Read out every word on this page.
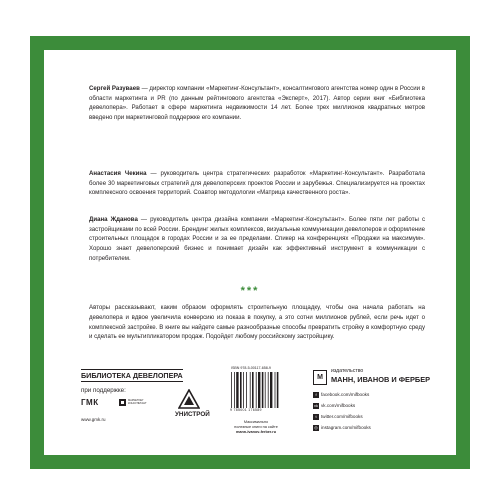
Сергей Разуваев — директор компании «Маркетинг-Консультант», консалтингового агентства номер один в России в области маркетинга и PR (по данным рейтингового агентства «Эксперт», 2017). Автор серии книг «Библиотека девелопера». Работает в сфере маркетинга недвижимости 14 лет. Более трех миллионов квадратных метров введено при маркетинговой поддержке его компании.

Анастасия Чекина — руководитель центра стратегических разработок «Маркетинг-Консультант». Разработала более 30 маркетинговых стратегий для девелоперских проектов России и зарубежья. Специализируется на проектах комплексного освоения территорий. Соавтор методологии «Матрица качественного роста».

Диана Жданова — руководитель центра дизайна компании «Маркетинг-Консультант». Более пяти лет работы с застройщиками по всей России. Брендинг жилых комплексов, визуальные коммуникации девелоперов и оформление строительных площадок в городах России и за ее пределами. Спикер на конференциях «Продажи на максимум». Хорошо знает девелоперский бизнес и понимает дизайн как эффективный инструмент в коммуникации с потребителем.

***

Авторы рассказывают, каким образом оформлять строительную площадку, чтобы она начала работать на девелопера и вдвое увеличила конверсию из показа в покупку, а это сотни миллионов рублей, если речь идет о комплексной застройке. В книге вы найдете самые разнообразные способы превратить стройку в комфортную среду и сделать ее мультипликатором продаж. Подойдет любому российскому застройщику.

БИБЛИОТЕКА ДЕВЕЛОПЕРА
при поддержке:
ГМК	МАРКЕТИНГ КОНСУЛЬТАНТ
www.gmk.ru
УНИСТРОЙ
ISBN 978-5-00117-658-9
9 785001 176589
Максимально
полезные книги на сайте
mann-ivanov-ferber.ru
М
издательство
МАНН, ИВАНОВ И ФЕРБЕР
f facebook.com/mifbooks
vk vk.com/mifbooks
t twitter.com/mifbooks
◎ instagram.com/mifbooks
